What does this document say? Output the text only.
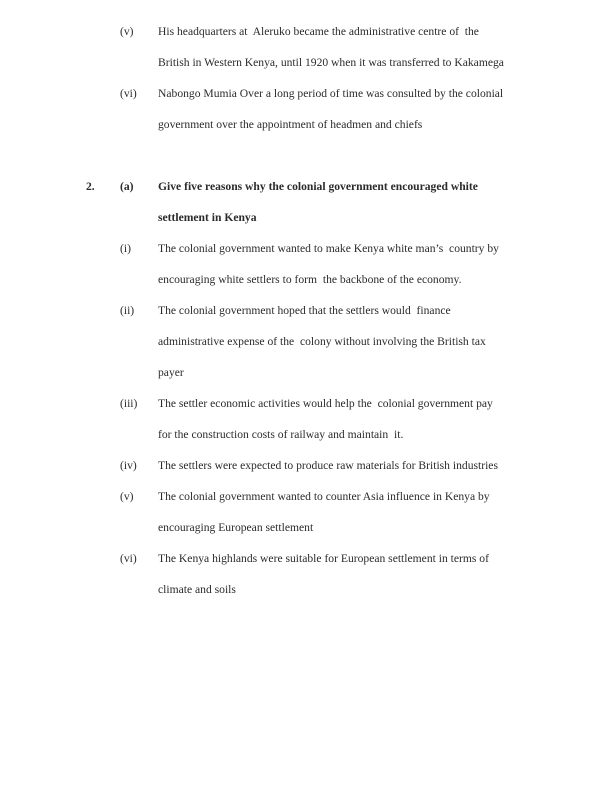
(v)	His headquarters at  Aleruko became the administrative centre of  the
British in Western Kenya, until 1920 when it was transferred to Kakamega
(vi)	Nabongo Mumia Over a long period of time was consulted by the colonial
government over the appointment of headmen and chiefs
2.	(a)	Give five reasons why the colonial government encouraged white
settlement in Kenya
(i)	The colonial government wanted to make Kenya white man’s  country by
encouraging white settlers to form  the backbone of the economy.
(ii)	The colonial government hoped that the settlers would  finance
administrative expense of the  colony without involving the British tax
payer
(iii)	The settler economic activities would help the  colonial government pay
for the construction costs of railway and maintain  it.
(iv)	The settlers were expected to produce raw materials for British industries
(v)	The colonial government wanted to counter Asia influence in Kenya by
encouraging European settlement
(vi)	The Kenya highlands were suitable for European settlement in terms of
climate and soils
